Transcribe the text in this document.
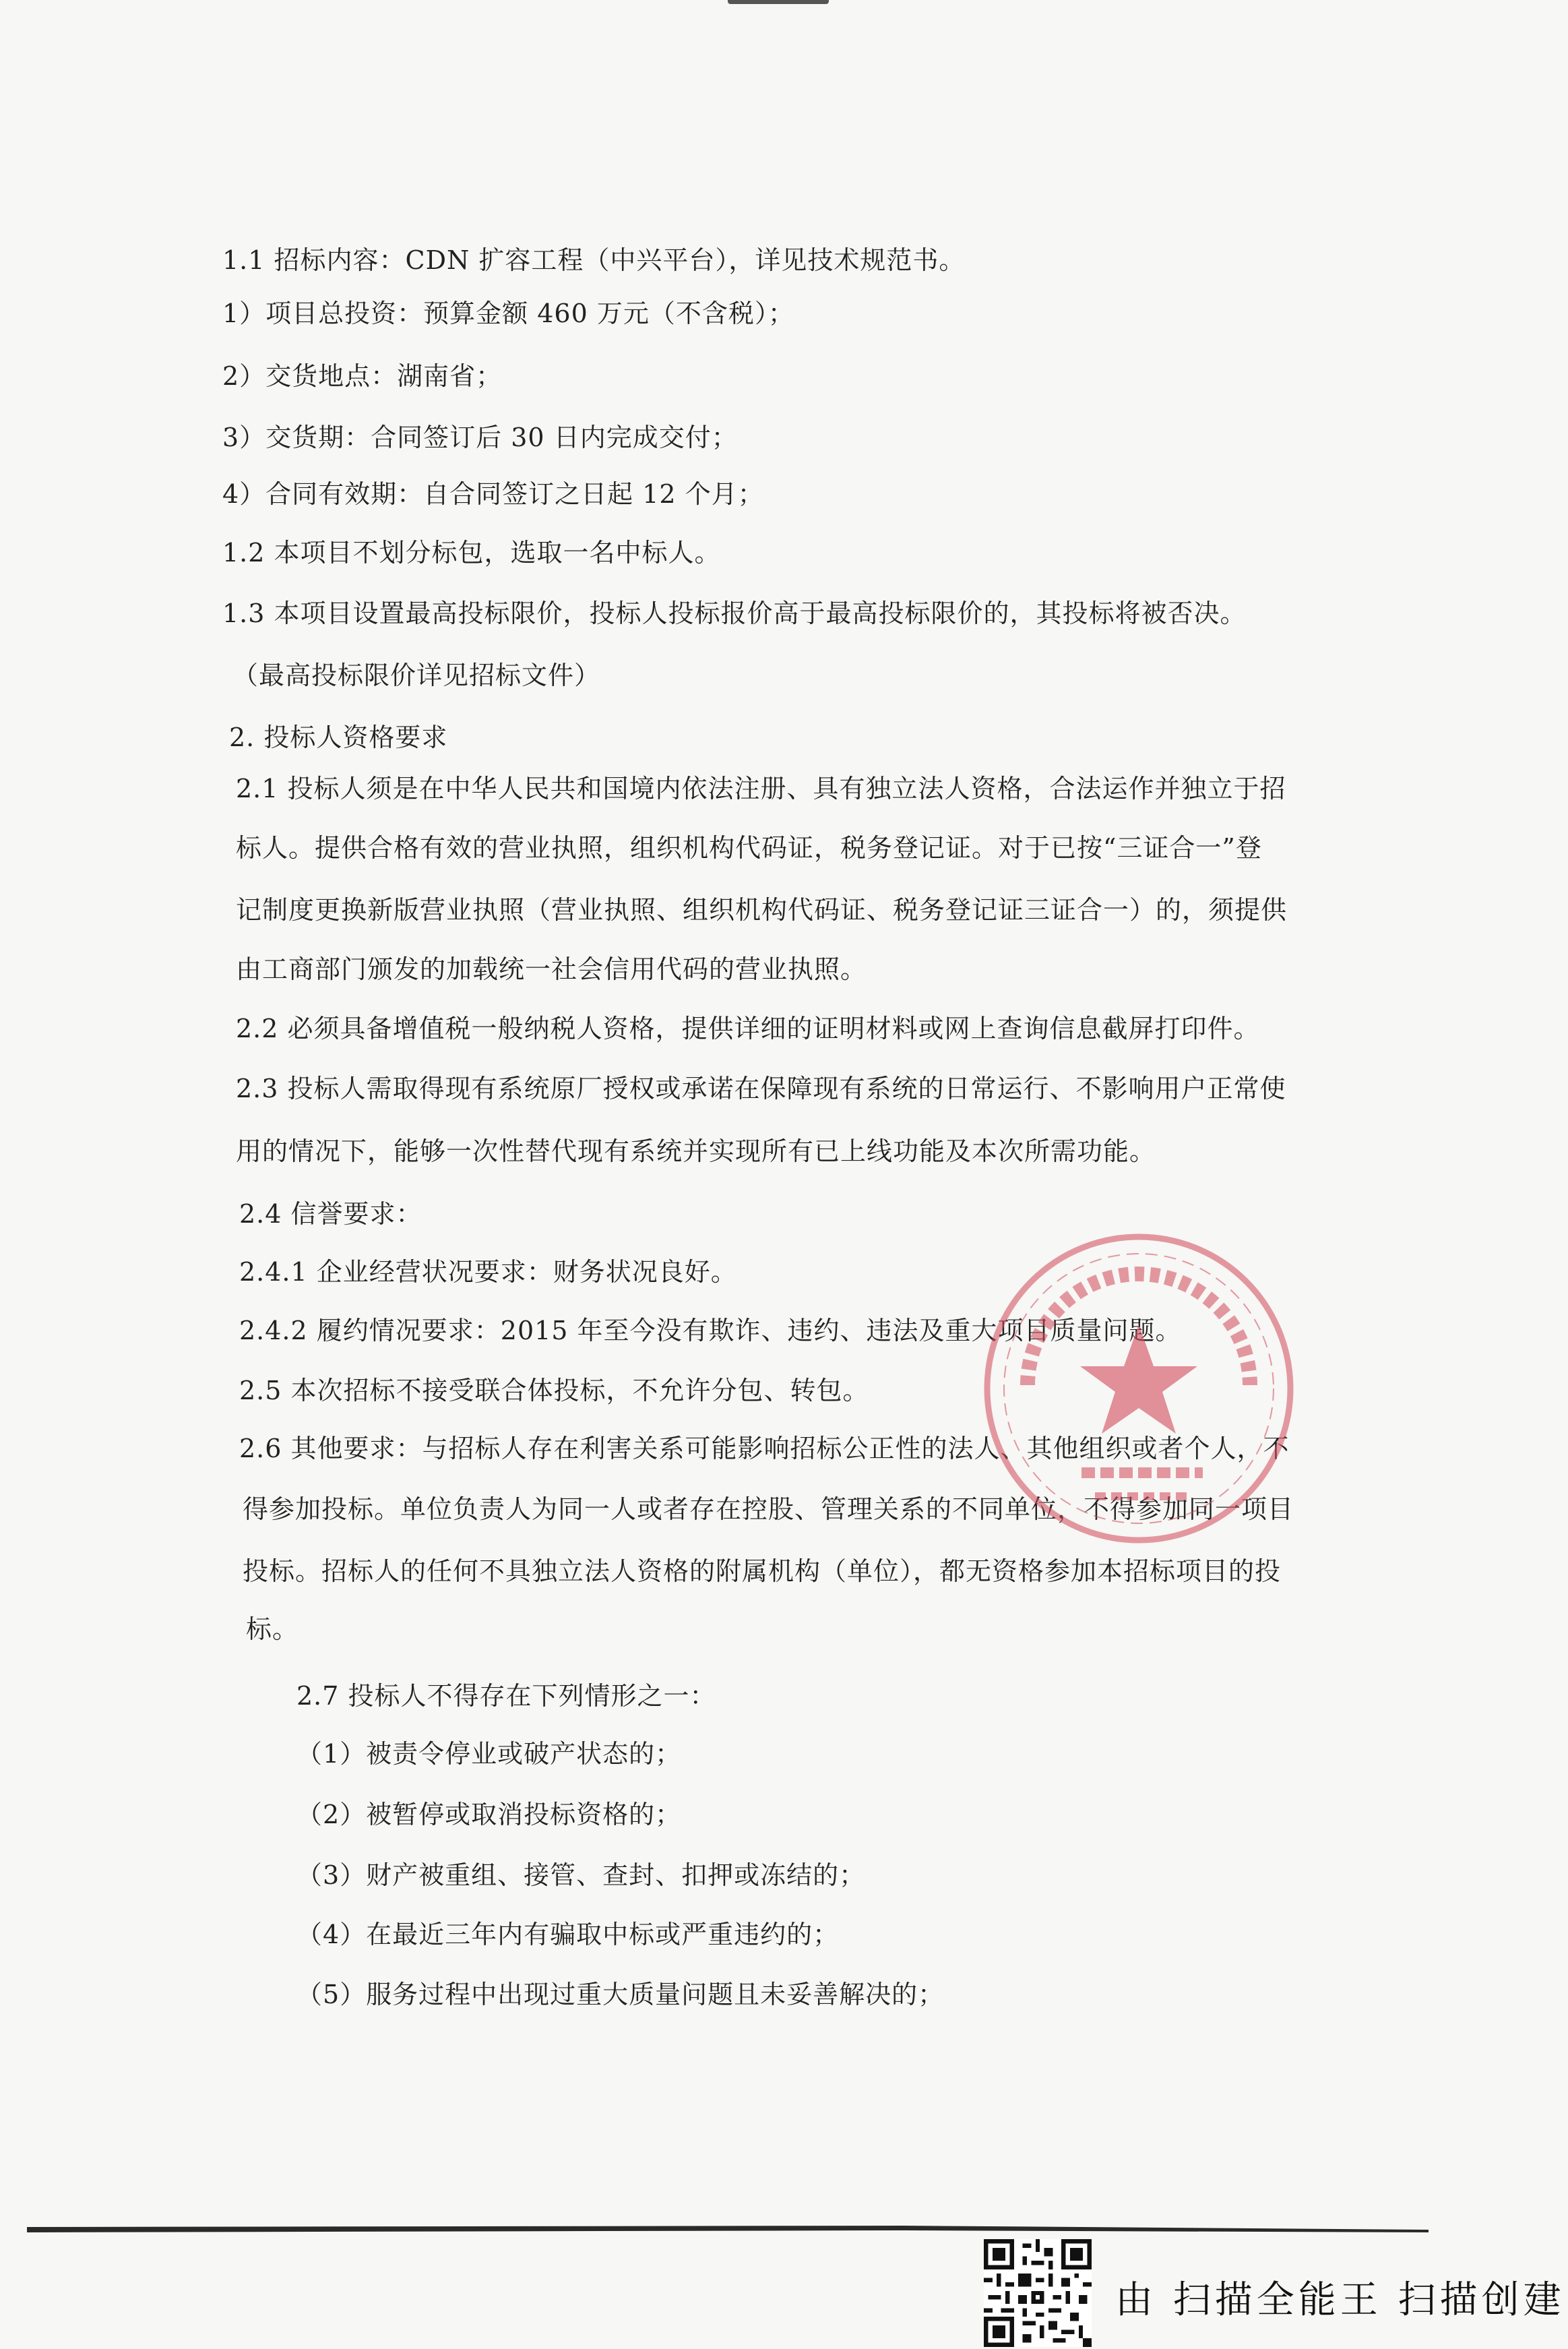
1.1 招标内容：CDN 扩容工程（中兴平台），详见技术规范书。
1）项目总投资：预算金额 460 万元（不含税）；
2）交货地点：湖南省；
3）交货期：合同签订后 30 日内完成交付；
4）合同有效期：自合同签订之日起 12 个月；
1.2 本项目不划分标包，选取一名中标人。
1.3 本项目设置最高投标限价，投标人投标报价高于最高投标限价的，其投标将被否决。
（最高投标限价详见招标文件）
2. 投标人资格要求
2.1 投标人须是在中华人民共和国境内依法注册、具有独立法人资格，合法运作并独立于招
标人。提供合格有效的营业执照，组织机构代码证，税务登记证。对于已按“三证合一”登
记制度更换新版营业执照（营业执照、组织机构代码证、税务登记证三证合一）的，须提供
由工商部门颁发的加载统一社会信用代码的营业执照。
2.2 必须具备增值税一般纳税人资格，提供详细的证明材料或网上查询信息截屏打印件。
2.3 投标人需取得现有系统原厂授权或承诺在保障现有系统的日常运行、不影响用户正常使
用的情况下，能够一次性替代现有系统并实现所有已上线功能及本次所需功能。
2.4 信誉要求：
2.4.1 企业经营状况要求：财务状况良好。
2.4.2 履约情况要求：2015 年至今没有欺诈、违约、违法及重大项目质量问题。
2.5 本次招标不接受联合体投标，不允许分包、转包。
2.6 其他要求：与招标人存在利害关系可能影响招标公正性的法人、其他组织或者个人，不
得参加投标。单位负责人为同一人或者存在控股、管理关系的不同单位，不得参加同一项目
投标。招标人的任何不具独立法人资格的附属机构（单位），都无资格参加本招标项目的投
标。
2.7 投标人不得存在下列情形之一：
（1）被责令停业或破产状态的；
（2）被暂停或取消投标资格的；
（3）财产被重组、接管、查封、扣押或冻结的；
（4）在最近三年内有骗取中标或严重违约的；
（5）服务过程中出现过重大质量问题且未妥善解决的；
由 扫描全能王 扫描创建
